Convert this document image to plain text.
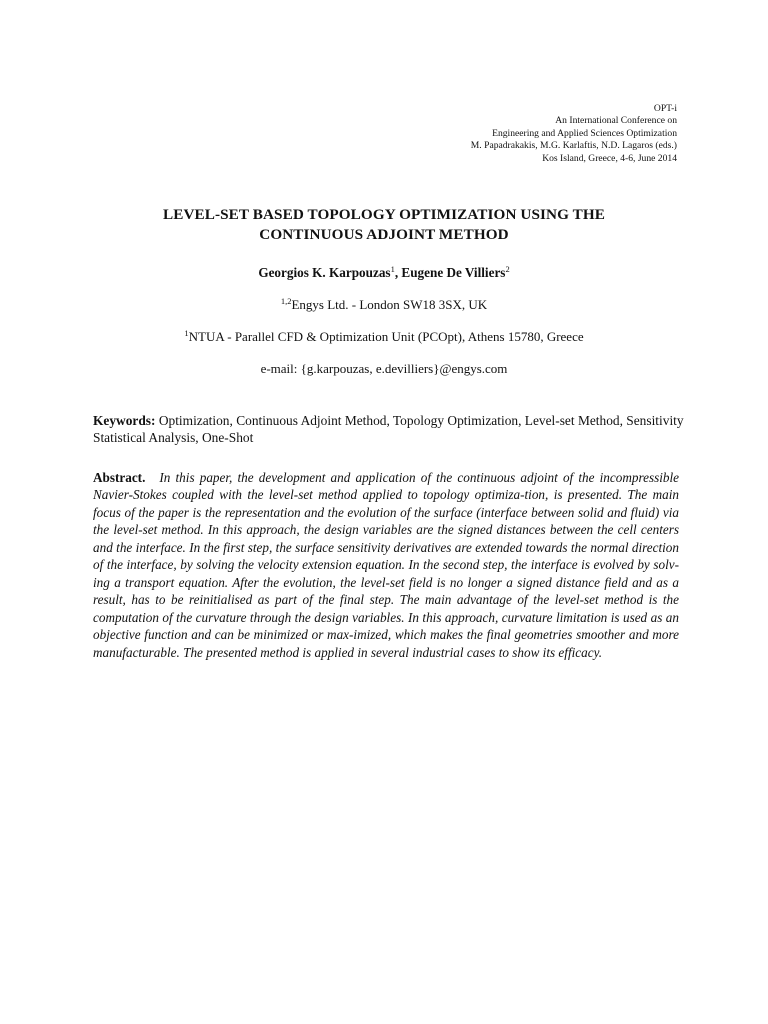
OPT-i
An International Conference on
Engineering and Applied Sciences Optimization
M. Papadrakakis, M.G. Karlaftis, N.D. Lagaros (eds.)
Kos Island, Greece, 4-6, June 2014
LEVEL-SET BASED TOPOLOGY OPTIMIZATION USING THE
CONTINUOUS ADJOINT METHOD
Georgios K. Karpouzas$^1$, Eugene De Villiers$^2$
$^{1,2}$Engys Ltd. - London SW18 3SX, UK
$^1$NTUA - Parallel CFD & Optimization Unit (PCOpt), Athens 15780, Greece
e-mail: {g.karpouzas, e.devilliers}@engys.com
Keywords: Optimization, Continuous Adjoint Method, Topology Optimization, Level-set Method, Sensitivity Statistical Analysis, One-Shot
Abstract. In this paper, the development and application of the continuous adjoint of the incompressible Navier-Stokes coupled with the level-set method applied to topology optimiza-tion, is presented. The main focus of the paper is the representation and the evolution of the surface (interface between solid and fluid) via the level-set method. In this approach, the design variables are the signed distances between the cell centers and the interface. In the first step, the surface sensitivity derivatives are extended towards the normal direction of the interface, by solving the velocity extension equation. In the second step, the interface is evolved by solv-ing a transport equation. After the evolution, the level-set field is no longer a signed distance field and as a result, has to be reinitialised as part of the final step. The main advantage of the level-set method is the computation of the curvature through the design variables. In this approach, curvature limitation is used as an objective function and can be minimized or max-imized, which makes the final geometries smoother and more manufacturable. The presented method is applied in several industrial cases to show its efficacy.
